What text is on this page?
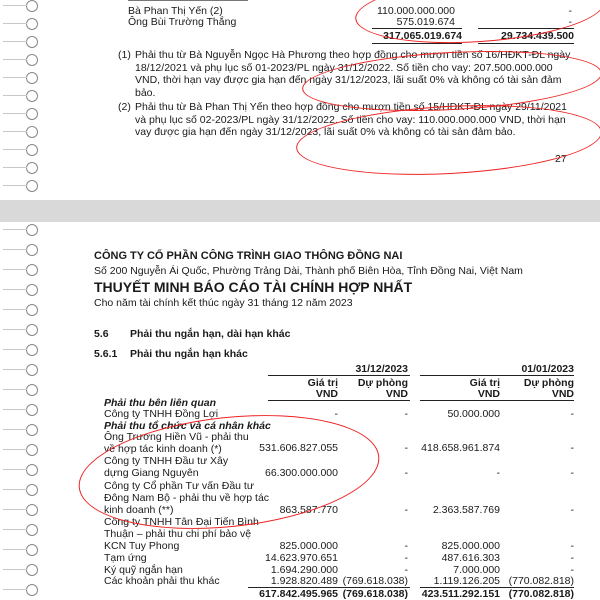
Bà Phan Thị Yến (2)	110.000.000.000	-
Ông Bùi Trường Thắng	575.019.674	-
317.065.019.674	29.734.439.500
(1) Phải thu từ Bà Nguyễn Ngọc Hà Phương theo hợp đồng cho mượn tiền số 16/HĐKT-ĐL ngày 18/12/2021 và phụ lục số 01-2023/PL ngày 31/12/2022. Số tiền cho vay: 207.500.000.000 VND, thời hạn vay được gia hạn đến ngày 31/12/2023, lãi suất 0% và không có tài sản đảm bảo.
(2) Phải thu từ Bà Phan Thị Yến theo hợp đồng cho mượn tiền số 15/HĐKT-ĐL ngày 29/11/2021 và phụ lục số 02-2023/PL ngày 31/12/2022. Số tiền cho vay: 110.000.000.000 VND, thời hạn vay được gia hạn đến ngày 31/12/2023, lãi suất 0% và không có tài sản đảm bảo.
27
CÔNG TY CỔ PHẦN CÔNG TRÌNH GIAO THÔNG ĐỒNG NAI
Số 200 Nguyễn Ái Quốc, Phường Trảng Dài, Thành phố Biên Hòa, Tỉnh Đồng Nai, Việt Nam
THUYẾT MINH BÁO CÁO TÀI CHÍNH HỢP NHẤT
Cho năm tài chính kết thúc ngày 31 tháng 12 năm 2023
5.6 Phải thu ngắn hạn, dài hạn khác
5.6.1 Phải thu ngắn hạn khác
31/12/2023	01/01/2023
Giá trị	Dự phòng	Giá trị	Dự phòng
VND	VND	VND	VND
Phải thu bên liên quan
Công ty TNHH Đồng Lợi	-	-	50.000.000	-
Phải thu tổ chức và cá nhân khác
Ông Trương Hiền Vũ - phải thu về hợp tác kinh doanh (*)	531.606.827.055	-	418.658.961.874	-
Công ty TNHH Đầu tư Xây dựng Giang Nguyên	66.300.000.000	-	-	-
Công ty Cổ phần Tư vấn Đầu tư Đông Nam Bộ - phải thu về hợp tác kinh doanh (**)	863.587.770	-	2.363.587.769	-
Công ty TNHH Tân Đại Tiến Bình Thuận – phải thu chi phí bảo vệ KCN Tuy Phong	825.000.000	-	825.000.000	-
Tạm ứng	14.623.970.651	-	487.616.303	-
Ký quỹ ngắn hạn	1.694.290.000	-	7.000.000	-
Các khoản phải thu khác	1.928.820.489 (769.618.038)	1.119.126.205 (770.082.818)
617.842.495.965 (769.618.038)	423.511.292.151 (770.082.818)
